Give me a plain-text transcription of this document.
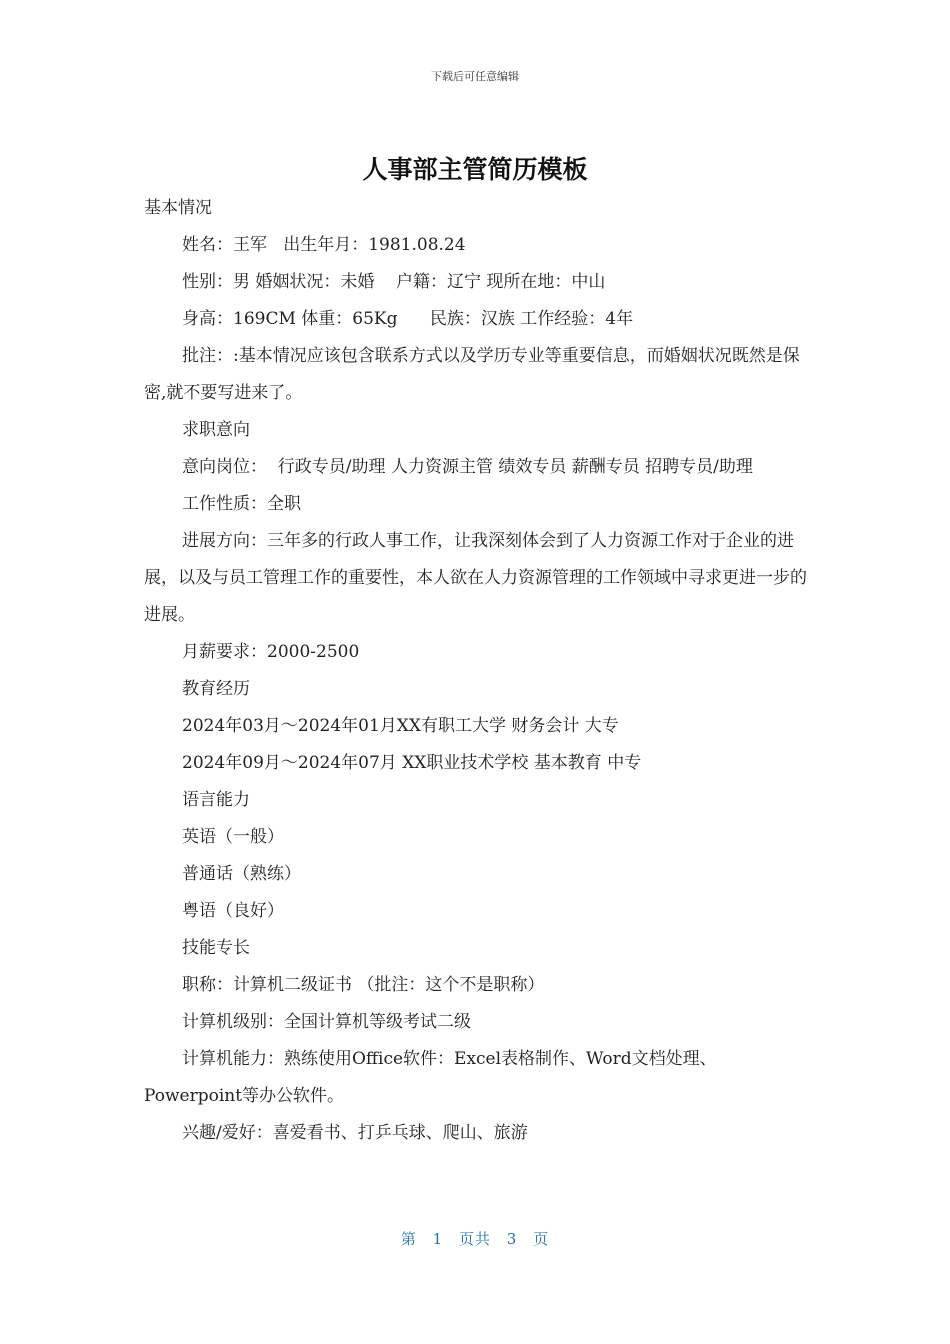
下载后可任意编辑
人事部主管简历模板

基本情况

姓名：王军   出生年月：1981.08.24

性别：男 婚姻状况：未婚    户籍：辽宁 现所在地：中山

身高：169CM 体重：65Kg      民族：汉族 工作经验：4年

批注：:基本情况应该包含联系方式以及学历专业等重要信息，而婚姻状况既然是保密,就不要写进来了。

求职意向

意向岗位：  行政专员/助理 人力资源主管 绩效专员 薪酬专员 招聘专员/助理

工作性质：全职

进展方向：三年多的行政人事工作，让我深刻体会到了人力资源工作对于企业的进展，以及与员工管理工作的重要性，本人欲在人力资源管理的工作领域中寻求更进一步的进展。

月薪要求：2000-2500

教育经历

2024年03月～2024年01月XX有职工大学 财务会计 大专

2024年09月～2024年07月 XX职业技术学校 基本教育 中专

语言能力

英语（一般）

普通话（熟练）

粤语（良好）

技能专长

职称：计算机二级证书 （批注：这个不是职称）

计算机级别：全国计算机等级考试二级

计算机能力：熟练使用Office软件：Excel表格制作、Word文档处理、Powerpoint等办公软件。

兴趣/爱好：喜爱看书、打乒乓球、爬山、旅游

第 1 页共 3 页
